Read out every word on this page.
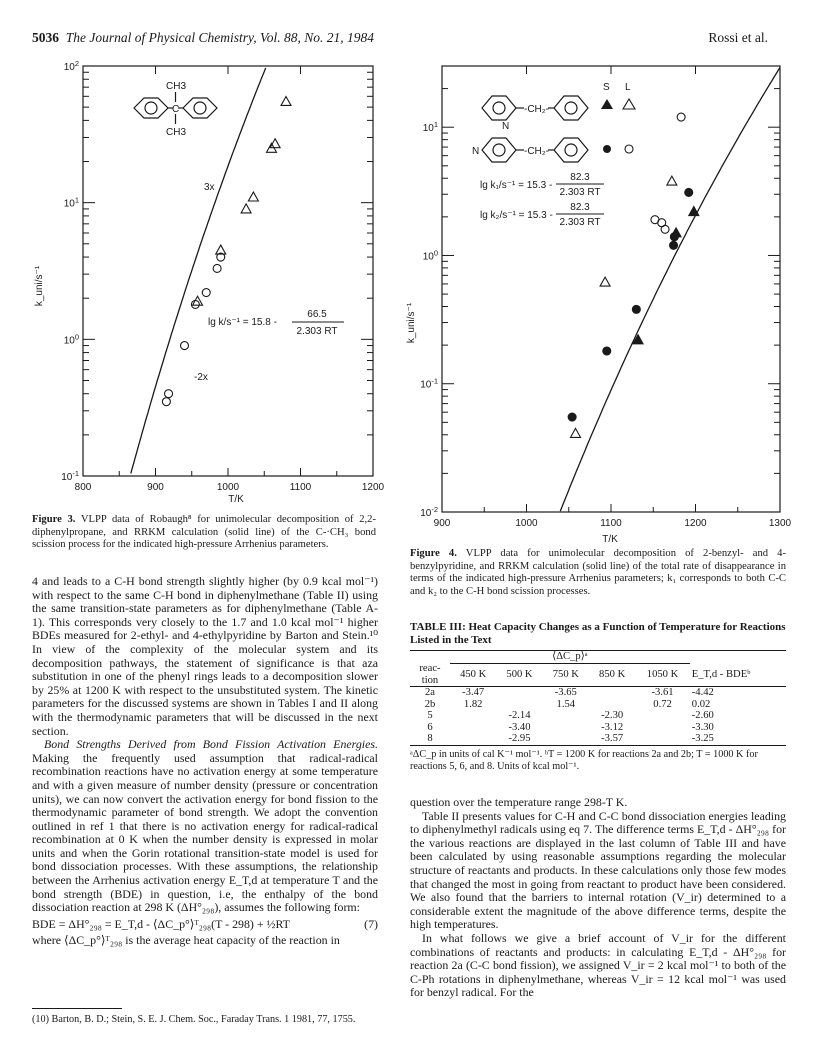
5036 The Journal of Physical Chemistry, Vol. 88, No. 21, 1984	Rossi et al.
800	900	1000	1100	1200
$10^2$
$10^1$
$10^0$
$10^{-1}$
CH3
C
CH3
3x
-2x
lg k/s⁻¹ = 15.8 -
66.5
2.303 RT
k_uni/s⁻¹
T/K
Figure 3. VLPP data of Robaugh⁸ for unimolecular decomposition of 2,2-diphenylpropane, and RRKM calculation (solid line) of the C-·CH₃ bond scission process for the indicated high-pressure Arrhenius parameters.
900	1000	1100	1200	1300
$10^1$
$10^0$
$10^{-1}$
$10^{-2}$
N
-CH₂-
N	-CH₂-
S L
lg k₁/s⁻¹ = 15.3 -
82.3
2.303 RT
lg k₂/s⁻¹ = 15.3 -
82.3
2.303 RT
k_uni/s⁻¹
T/K
Figure 4. VLPP data for unimolecular decomposition of 2-benzyl- and 4-benzylpyridine, and RRKM calculation (solid line) of the total rate of disappearance in terms of the indicated high-pressure Arrhenius parameters; k₁ corresponds to both C-C and k₂ to the C-H bond scission processes.

4 and leads to a C-H bond strength slightly higher (by 0.9 kcal mol⁻¹) with respect to the same C-H bond in diphenylmethane (Table II) using the same transition-state parameters as for diphenylmethane (Table A-1). This corresponds very closely to the 1.7 and 1.0 kcal mol⁻¹ higher BDEs measured for 2-ethyl- and 4-ethylpyridine by Barton and Stein.¹⁰ In view of the complexity of the molecular system and its decomposition pathways, the statement of significance is that aza substitution in one of the phenyl rings leads to a decomposition slower by 25% at 1200 K with respect to the unsubstituted system. The kinetic parameters for the discussed systems are shown in Tables I and II along with the thermodynamic parameters that will be discussed in the next section.

Bond Strengths Derived from Bond Fission Activation Energies. Making the frequently used assumption that radical-radical recombination reactions have no activation energy at some temperature and with a given measure of number density (pressure or concentration units), we can now convert the activation energy for bond fission to the thermodynamic parameter of bond strength. We adopt the convention outlined in ref 1 that there is no activation energy for radical-radical recombination at 0 K when the number density is expressed in molar units and when the Gorin rotational transition-state model is used for bond dissociation processes. With these assumptions, the relationship between the Arrhenius activation energy E_T,d at temperature T and the bond strength (BDE) in question, i.e, the enthalpy of the bond dissociation reaction at 298 K (ΔH°₂₉₈), assumes the following form:

BDE = ΔH°₂₉₈ = E_T,d - ⟨ΔC_p°⟩ᵀ₂₉₈(T - 298) + ½RT	(7)

where ⟨ΔC_p°⟩ᵀ₂₉₈ is the average heat capacity of the reaction in

(10) Barton, B. D.; Stein, S. E. J. Chem. Soc., Faraday Trans. 1 1981, 77, 1755.
TABLE III: Heat Capacity Changes as a Function of Temperature for Reactions Listed in the Text
	⟨ΔC_p⟩ᵃ					
reac-tion	450 K	500 K	750 K	850 K	1050 K	E_T,d - BDEᵇ
2a	-3.47		-3.65		-3.61	-4.42
2b	1.82		1.54		0.72	0.02
5		-2.14		-2.30		-2.60
6		-3.40		-3.12		-3.30
8		-2.95		-3.57		-3.25
ᵃΔC_p in units of cal K⁻¹ mol⁻¹. ᵇT = 1200 K for reactions 2a and 2b; T = 1000 K for reactions 5, 6, and 8. Units of kcal mol⁻¹.

question over the temperature range 298-T K.

Table II presents values for C-H and C-C bond dissociation energies leading to diphenylmethyl radicals using eq 7. The difference terms E_T,d - ΔH°₂₉₈ for the various reactions are displayed in the last column of Table III and have been calculated by using reasonable assumptions regarding the molecular structure of reactants and products. In these calculations only those few modes that changed the most in going from reactant to product have been considered. We also found that the barriers to internal rotation (V_ir) determined to a considerable extent the magnitude of the above difference terms, despite the high temperatures.

In what follows we give a brief account of V_ir for the different combinations of reactants and products: in calculating E_T,d - ΔH°₂₉₈ for reaction 2a (C-C bond fission), we assigned V_ir = 2 kcal mol⁻¹ to both of the C-Ph rotations in diphenylmethane, whereas V_ir = 12 kcal mol⁻¹ was used for benzyl radical. For the
